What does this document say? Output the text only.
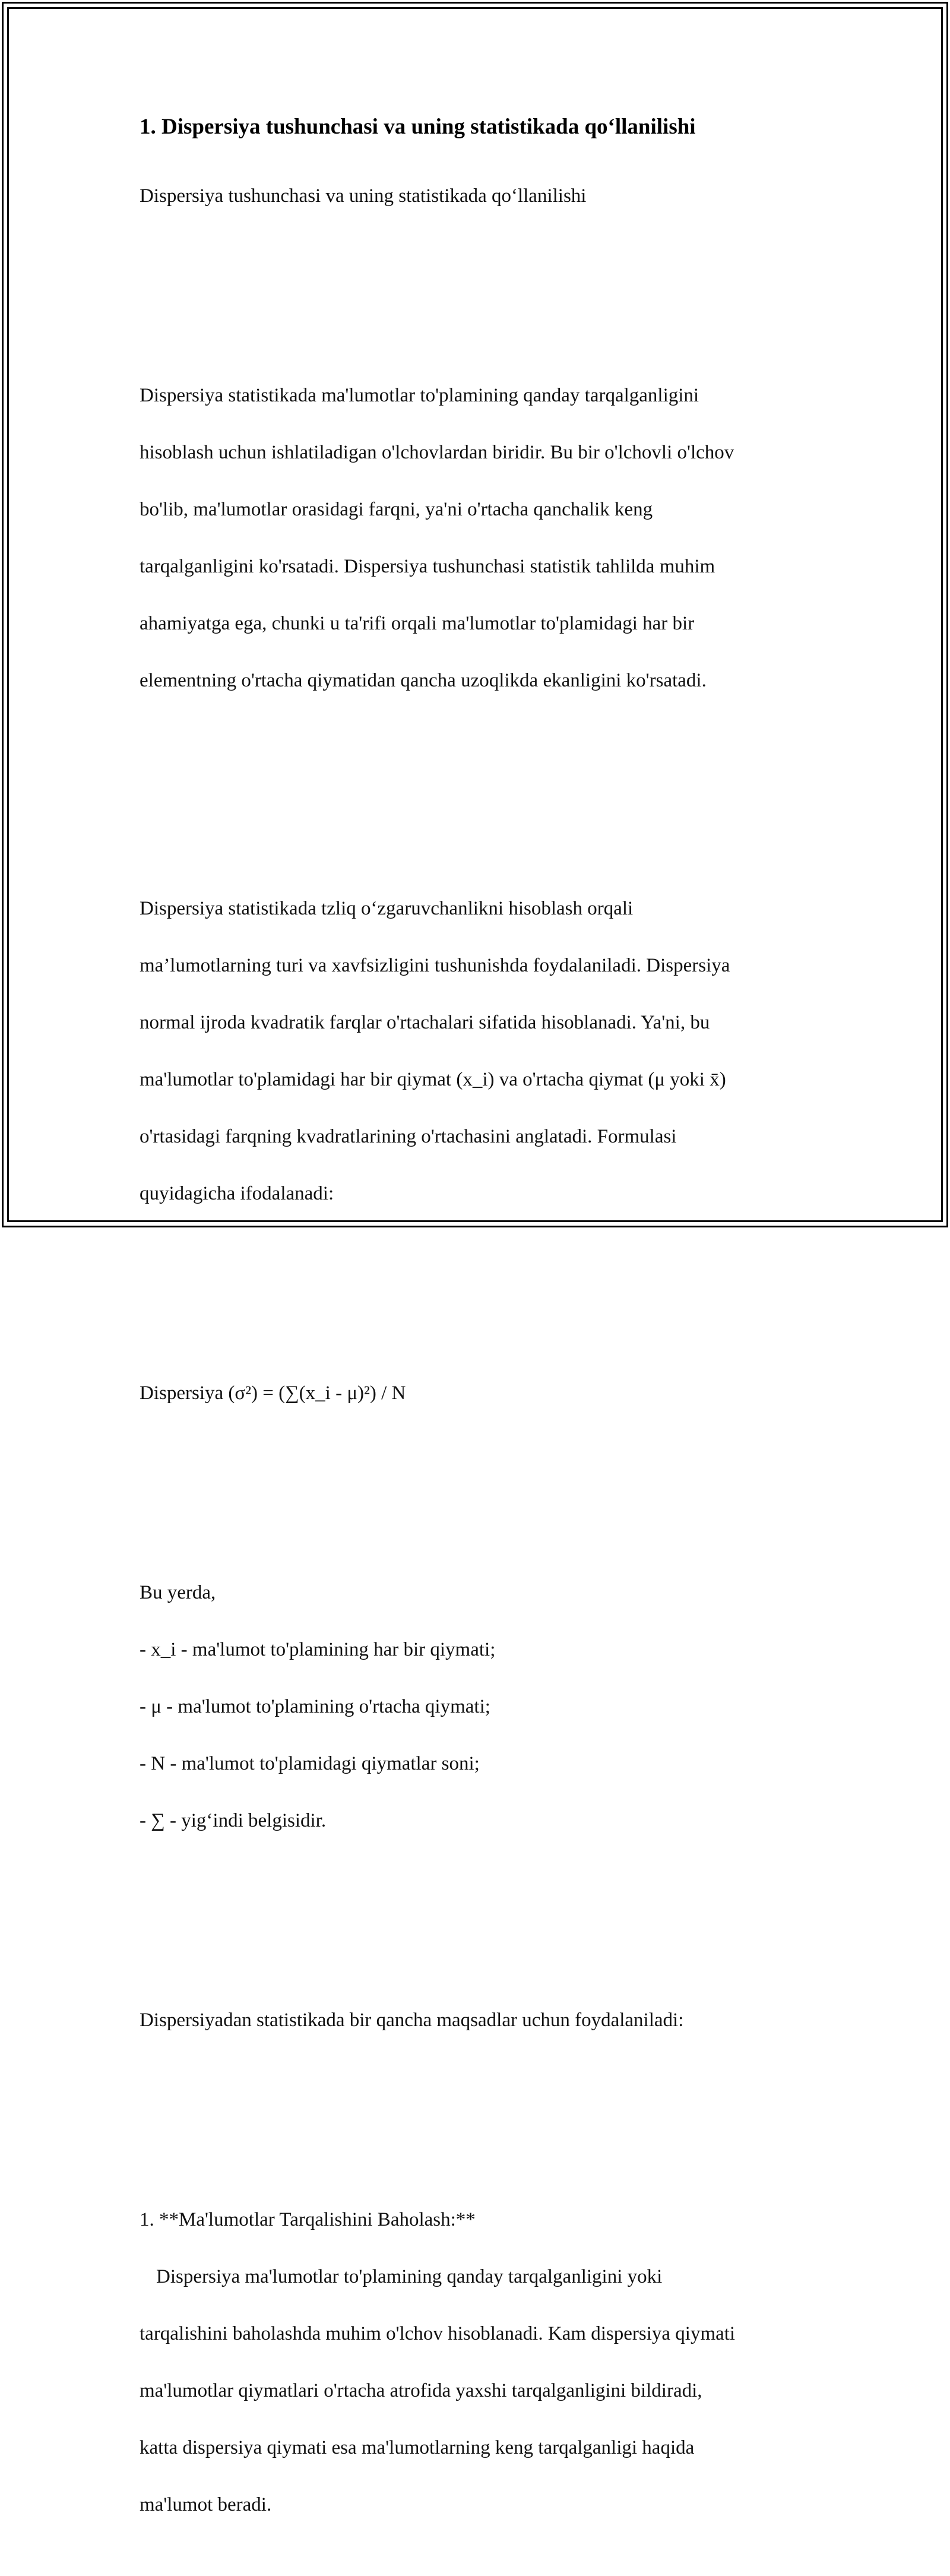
1. Dispersiya tushunchasi va uning statistikada qo‘llanilishi

Dispersiya tushunchasi va uning statistikada qo‘llanilishi

Dispersiya statistikada ma'lumotlar to'plamining qanday tarqalganligini

hisoblash uchun ishlatiladigan o'lchovlardan biridir. Bu bir o'lchovli o'lchov

bo'lib, ma'lumotlar orasidagi farqni, ya'ni o'rtacha qanchalik keng

tarqalganligini ko'rsatadi. Dispersiya tushunchasi statistik tahlilda muhim

ahamiyatga ega, chunki u ta'rifi orqali ma'lumotlar to'plamidagi har bir

elementning o'rtacha qiymatidan qancha uzoqlikda ekanligini ko'rsatadi.

Dispersiya statistikada tzliq o‘zgaruvchanlikni hisoblash orqali

ma’lumotlarning turi va xavfsizligini tushunishda foydalaniladi. Dispersiya

normal ijroda kvadratik farqlar o'rtachalari sifatida hisoblanadi. Ya'ni, bu

ma'lumotlar to'plamidagi har bir qiymat (x_i) va o'rtacha qiymat (μ yoki x̄)

o'rtasidagi farqning kvadratlarining o'rtachasini anglatadi. Formulasi

quyidagicha ifodalanadi:

Dispersiya (σ²) = (∑(x_i - μ)²) / N

Bu yerda,

- x_i - ma'lumot to'plamining har bir qiymati;

- μ - ma'lumot to'plamining o'rtacha qiymati;

- N - ma'lumot to'plamidagi qiymatlar soni;

- ∑ - yig‘indi belgisidir.

Dispersiyadan statistikada bir qancha maqsadlar uchun foydalaniladi:

1. **Ma'lumotlar Tarqalishini Baholash:**

Dispersiya ma'lumotlar to'plamining qanday tarqalganligini yoki

tarqalishini baholashda muhim o'lchov hisoblanadi. Kam dispersiya qiymati

ma'lumotlar qiymatlari o'rtacha atrofida yaxshi tarqalganligini bildiradi,

katta dispersiya qiymati esa ma'lumotlarning keng tarqalganligi haqida

ma'lumot beradi.
